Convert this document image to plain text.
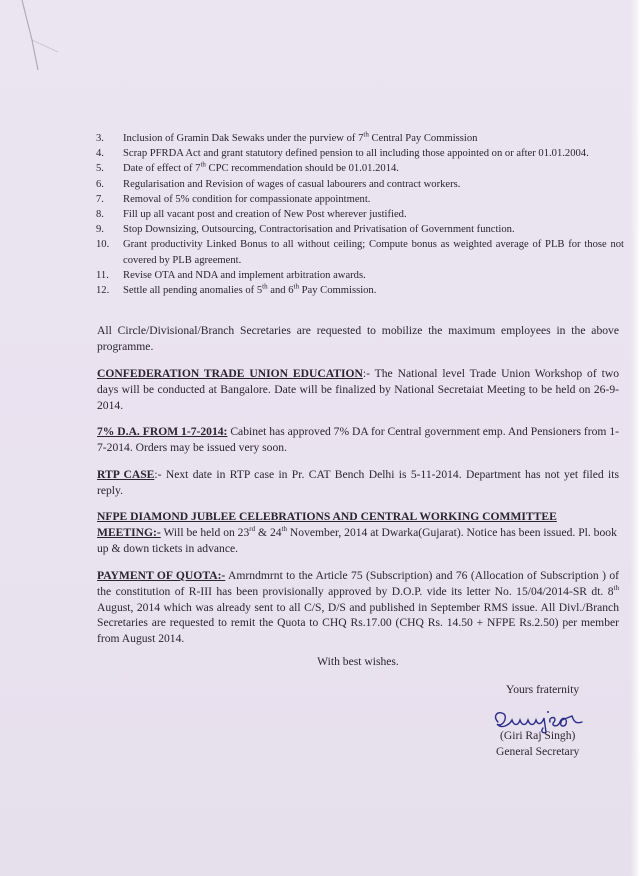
3.	Inclusion of Gramin Dak Sewaks under the purview of 7th Central Pay Commission
4.	Scrap PFRDA Act and grant statutory defined pension to all including those appointed on or after 01.01.2004.
5.	Date of effect of 7th CPC recommendation should be 01.01.2014.
6.	Regularisation and Revision of wages of casual labourers and contract workers.
7.	Removal of 5% condition for compassionate appointment.
8.	Fill up all vacant post and creation of New Post wherever justified.
9.	Stop Downsizing, Outsourcing, Contractorisation and Privatisation of Government function.
10.	Grant productivity Linked Bonus to all without ceiling; Compute bonus as weighted average of PLB for those not covered by PLB agreement.
11.	Revise OTA and NDA and implement arbitration awards.
12.	Settle all pending anomalies of 5th and 6th Pay Commission.
All Circle/Divisional/Branch Secretaries are requested to mobilize the maximum employees in the above programme.
CONFEDERATION TRADE UNION EDUCATION:- The National level Trade Union Workshop of two days will be conducted at Bangalore. Date will be finalized by National Secretaiat Meeting to be held on 26-9-2014.
7% D.A. FROM 1-7-2014: Cabinet has approved 7% DA for Central government emp. And Pensioners from 1-7-2014. Orders may be issued very soon.
RTP CASE:- Next date in RTP case in Pr. CAT Bench Delhi is 5-11-2014. Department has not yet filed its reply.
NFPE DIAMOND JUBLEE CELEBRATIONS AND CENTRAL WORKING COMMITTEE MEETING:- Will be held on 23rd & 24th November, 2014 at Dwarka(Gujarat). Notice has been issued. Pl. book up & down tickets in advance.
PAYMENT OF QUOTA:- Amrndmrnt to the Article 75 (Subscription) and 76 (Allocation of Subscription ) of the constitution of R-III has been provisionally approved by D.O.P. vide its letter No. 15/04/2014-SR dt. 8th August, 2014 which was already sent to all C/S, D/S and published in September RMS issue. All Divl./Branch Secretaries are requested to remit the Quota to CHQ Rs.17.00 (CHQ Rs. 14.50 + NFPE Rs.2.50) per member from August 2014.
With best wishes.
Yours fraternity
(Giri Raj Singh)
General Secretary
